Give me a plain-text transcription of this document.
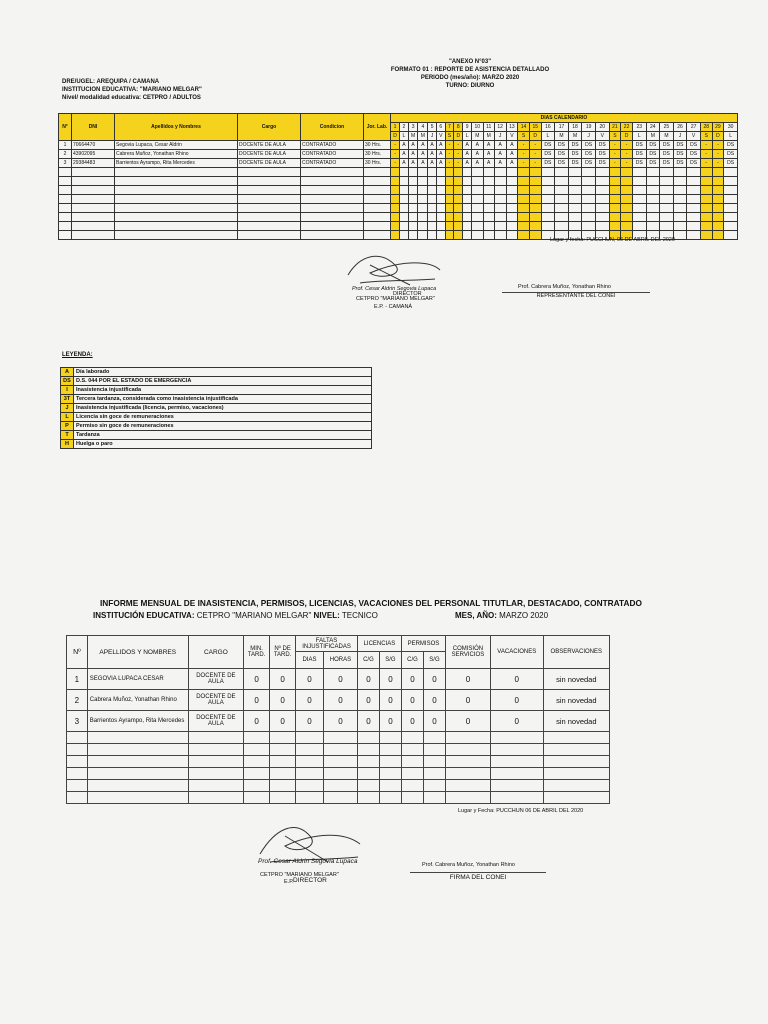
"ANEXO N°03"
FORMATO 01 : REPORTE DE ASISTENCIA DETALLADO
PERIODO (mes/año): MARZO 2020
TURNO: DIURNO
DRE/UGEL: AREQUIPA / CAMANA
INSTITUCION EDUCATIVA: "MARIANO MELGAR"
Nivel/ modalidad educativa: CETPRO / ADULTOS
N°	DNI	Apellidos y Nombres	Cargo	Condicion	Jor. Lab.	DIAS CALENDARIO																													
						1	2	3	4	5	6	7	8	9	10	11	12	13	14	15	16	17	18	19	20	21	22	23	24	25	26	27	28	29	30
						D	L	M	M	J	V	S	D	L	M	M	J	V	S	D	L	M	M	J	V	S	D	L	M	M	J	V	S	D	L
1	70664470	Segovia Lupaca, Cesar Aldrin	DOCENTE DE AULA	CONTRATADO	30 Hrs.	-	A	A	A	A	A	-	-	A	A	A	A	A	-	-	DS	DS	DS	DS	DS	-	-	DS	DS	DS	DS	DS	-	-	DS
2	43902095	Cabrera Muñoz, Yonathan Rhino	DOCENTE DE AULA	CONTRATADO	30 Hrs.	-	A	A	A	A	A	-	-	A	A	A	A	A	-	-	DS	DS	DS	DS	DS	-	-	DS	DS	DS	DS	DS	-	-	DS
3	29384483	Barrientos Ayrampo, Rita Mercedes	DOCENTE DE AULA	CONTRATADO	30 Hrs.	-	A	A	A	A	A	-	-	A	A	A	A	A	-	-	DS	DS	DS	DS	DS	-	-	DS	DS	DS	DS	DS	-	-	DS

Lugar y fecha: PUCCHUN, 06 DE ABRIL DEL 2020
Prof. Cesar Aldrin Segovia Lupaca
CETPRO "MARIANO MELGAR"
DIRECTOR
E.P. - CAMANÁ
Prof. Cabrera Muñoz, Yonathan Rhino
REPRESENTANTE DEL CONEI
LEYENDA:
A	Día laborado
DS	D.S. 044 POR EL ESTADO DE EMERGENCIA
I	Inasistencia injustificada
3T	Tercera tardanza, considerada como inasistencia injustificada
J	Inasistencia injustificada (licencia, permiso, vacaciones)
L	Licencia sin goce de remuneraciones
P	Permiso sin goce de remuneraciones
T	Tardanza
H	Huelga o paro
INFORME MENSUAL DE INASISTENCIA, PERMISOS, LICENCIAS, VACACIONES DEL PERSONAL TITUTLAR, DESTACADO, CONTRATADO
INSTITUCIÓN EDUCATIVA: CETPRO "MARIANO MELGAR" NIVEL: TECNICO	MES, AÑO: MARZO 2020
Nº	APELLIDOS Y NOMBRES	CARGO	MIN. TARD.	Nº DE TARD.	FALTAS INJUSTIFICADAS		LICENCIAS		PERMISOS		COMISIÓN SERVICIOS	VACACIONES	OBSERVACIONES
					DIAS	HORAS	C/G	S/G	C/G	S/G			
1	SEGOVIA LUPACA CESAR	DOCENTE DE AULA	0	0	0	0	0	0	0	0	0	0	sin novedad
2	Cabrera Muñoz, Yonathan Rhino	DOCENTE DE AULA	0	0	0	0	0	0	0	0	0	0	sin novedad
3	Barrientos Ayrampo, Rita Mercedes	DOCENTE DE AULA	0	0	0	0	0	0	0	0	0	0	sin novedad

Lugar y Fecha: PUCCHUN 06 DE ABRIL DEL 2020
Prof. Cesar Aldrin Segovia Lupaca
CETPRO "MARIANO MELGAR"
E.P. DIRECTOR
Prof. Cabrera Muñoz, Yonathan Rhino
FIRMA DEL CONEI
